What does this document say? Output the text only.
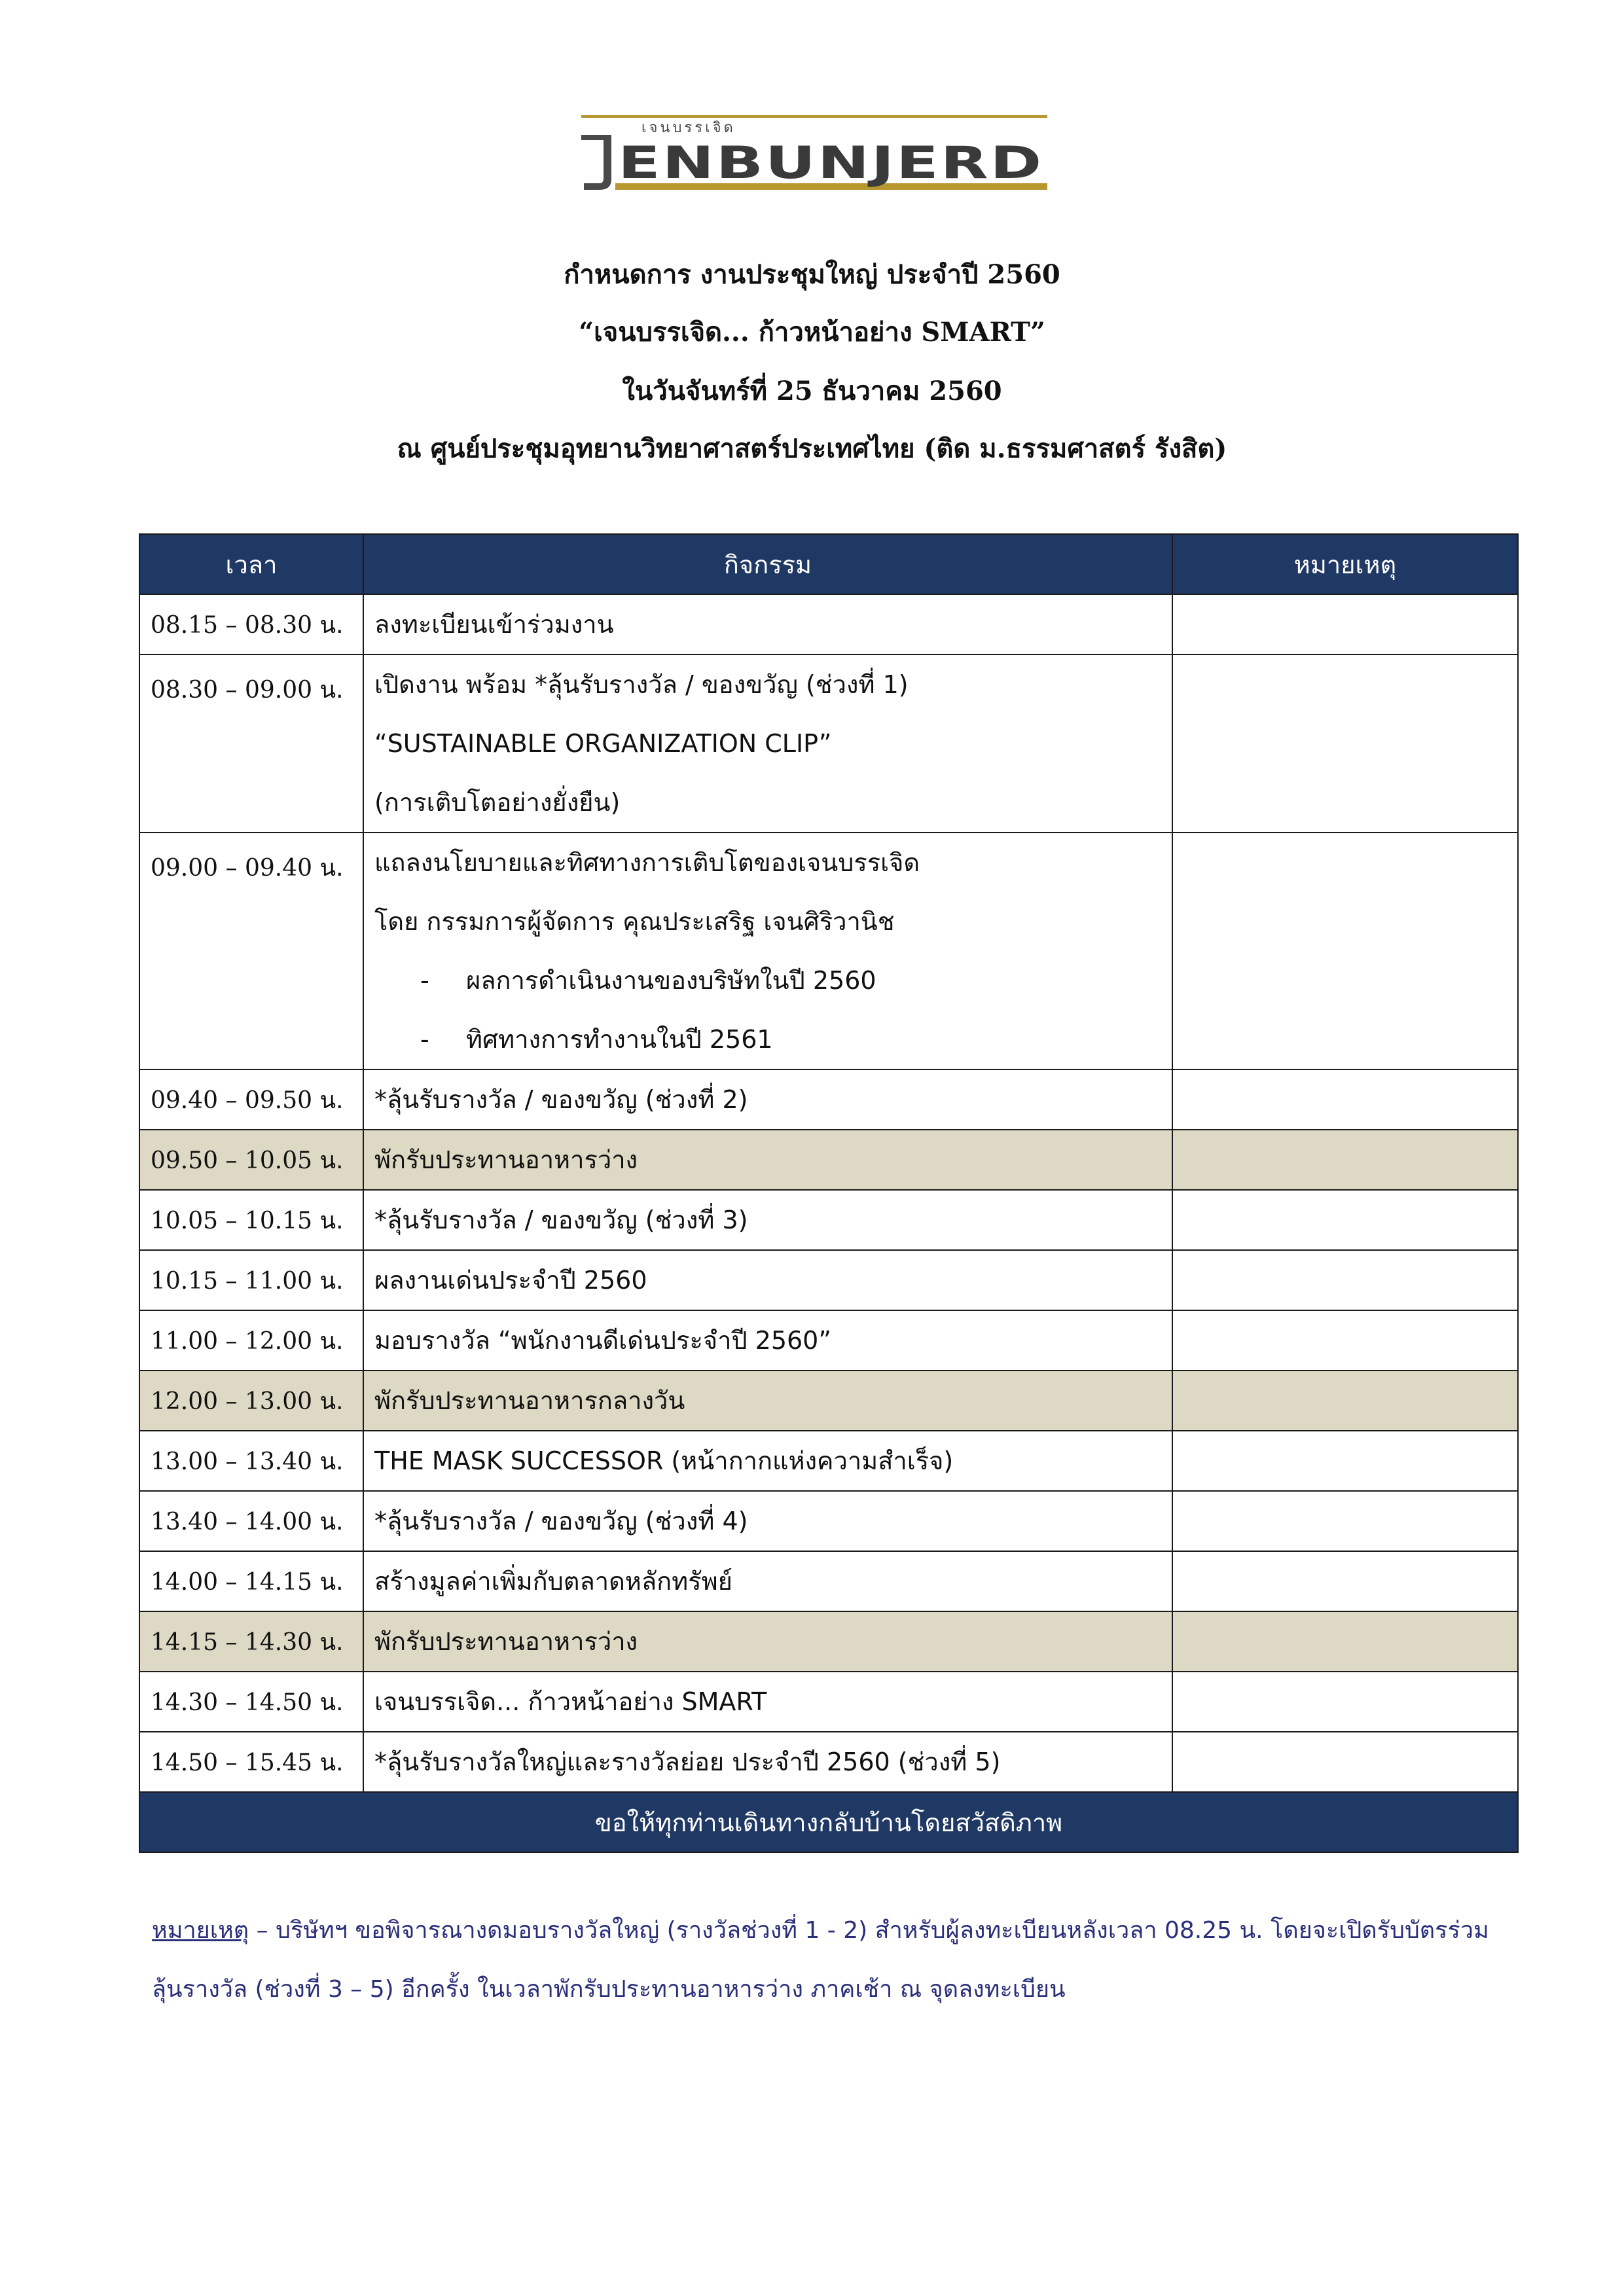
เจนบรรเจิด
ENBUNJERD
กำหนดการ งานประชุมใหญ่ ประจำปี 2560
“เจนบรรเจิด... ก้าวหน้าอย่าง SMART”
ในวันจันทร์ที่ 25 ธันวาคม 2560
ณ ศูนย์ประชุมอุทยานวิทยาศาสตร์ประเทศไทย (ติด ม.ธรรมศาสตร์ รังสิต)
เวลา	กิจกรรม	หมายเหตุ
08.15 – 08.30 น.	ลงทะเบียนเข้าร่วมงาน	

08.30 – 09.00 น.	เปิดงาน พร้อม *ลุ้นรับรางวัล / ของขวัญ (ช่วงที่ 1)
“SUSTAINABLE ORGANIZATION CLIP”
(การเติบโตอย่างยั่งยืน)	

09.00 – 09.40 น.	แถลงนโยบายและทิศทางการเติบโตของเจนบรรเจิด
โดย กรรมการผู้จัดการ คุณประเสริฐ เจนศิริวานิช
- ผลการดำเนินงานของบริษัทในปี 2560
- ทิศทางการทำงานในปี 2561	

09.40 – 09.50 น.	*ลุ้นรับรางวัล / ของขวัญ (ช่วงที่ 2)	

09.50 – 10.05 น.	พักรับประทานอาหารว่าง	

10.05 – 10.15 น.	*ลุ้นรับรางวัล / ของขวัญ (ช่วงที่ 3)	

10.15 – 11.00 น.	ผลงานเด่นประจำปี 2560	

11.00 – 12.00 น.	มอบรางวัล “พนักงานดีเด่นประจำปี 2560”	

12.00 – 13.00 น.	พักรับประทานอาหารกลางวัน	

13.00 – 13.40 น.	THE MASK SUCCESSOR (หน้ากากแห่งความสำเร็จ)	

13.40 – 14.00 น.	*ลุ้นรับรางวัล / ของขวัญ (ช่วงที่ 4)	

14.00 – 14.15 น.	สร้างมูลค่าเพิ่มกับตลาดหลักทรัพย์	

14.15 – 14.30 น.	พักรับประทานอาหารว่าง	

14.30 – 14.50 น.	เจนบรรเจิด... ก้าวหน้าอย่าง SMART	

14.50 – 15.45 น.	*ลุ้นรับรางวัลใหญ่และรางวัลย่อย ประจำปี 2560 (ช่วงที่ 5)	

ขอให้ทุกท่านเดินทางกลับบ้านโดยสวัสดิภาพ		
หมายเหตุ – บริษัทฯ ขอพิจารณางดมอบรางวัลใหญ่ (รางวัลช่วงที่ 1 - 2) สำหรับผู้ลงทะเบียนหลังเวลา 08.25 น. โดยจะเปิดรับบัตรร่วมลุ้นรางวัล (ช่วงที่ 3 – 5) อีกครั้ง ในเวลาพักรับประทานอาหารว่าง ภาคเช้า ณ จุดลงทะเบียน
